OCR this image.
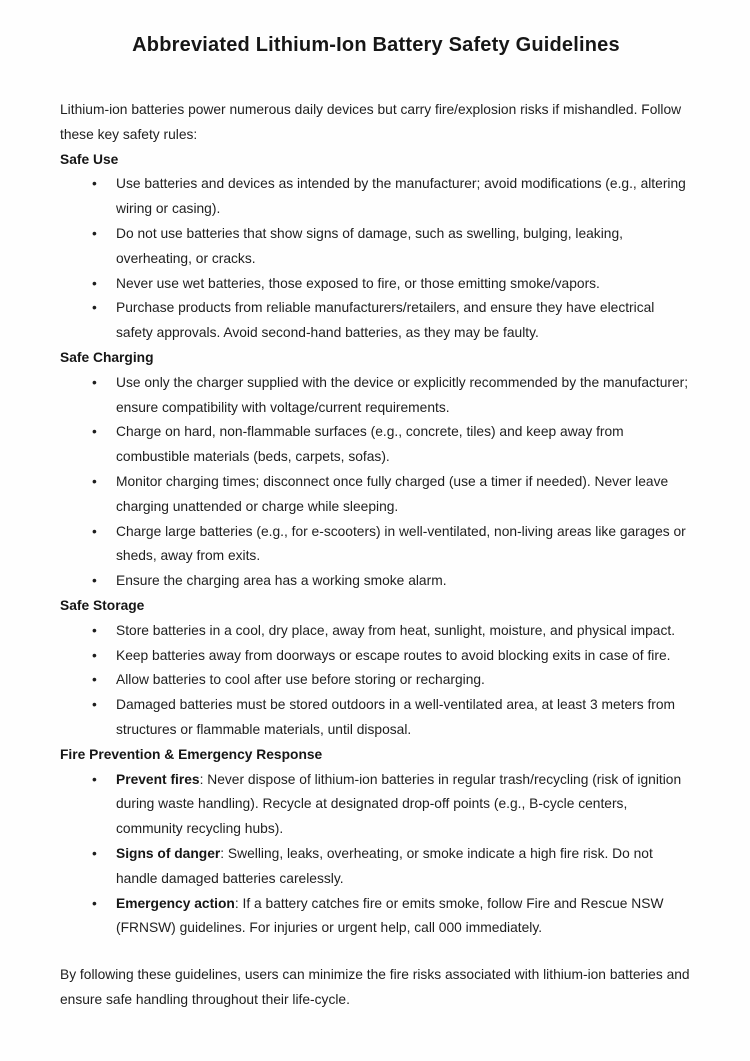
Abbreviated Lithium-Ion Battery Safety Guidelines

Lithium-ion batteries power numerous daily devices but carry fire/explosion risks if mishandled. Follow these key safety rules:

Safe Use
• Use batteries and devices as intended by the manufacturer; avoid modifications (e.g., altering wiring or casing).
• Do not use batteries that show signs of damage, such as swelling, bulging, leaking, overheating, or cracks.
• Never use wet batteries, those exposed to fire, or those emitting smoke/vapors.
• Purchase products from reliable manufacturers/retailers, and ensure they have electrical safety approvals. Avoid second-hand batteries, as they may be faulty.
Safe Charging
• Use only the charger supplied with the device or explicitly recommended by the manufacturer; ensure compatibility with voltage/current requirements.
• Charge on hard, non-flammable surfaces (e.g., concrete, tiles) and keep away from combustible materials (beds, carpets, sofas).
• Monitor charging times; disconnect once fully charged (use a timer if needed). Never leave charging unattended or charge while sleeping.
• Charge large batteries (e.g., for e-scooters) in well-ventilated, non-living areas like garages or sheds, away from exits.
• Ensure the charging area has a working smoke alarm.
Safe Storage
• Store batteries in a cool, dry place, away from heat, sunlight, moisture, and physical impact.
• Keep batteries away from doorways or escape routes to avoid blocking exits in case of fire.
• Allow batteries to cool after use before storing or recharging.
• Damaged batteries must be stored outdoors in a well-ventilated area, at least 3 meters from structures or flammable materials, until disposal.
Fire Prevention & Emergency Response
• Prevent fires: Never dispose of lithium-ion batteries in regular trash/recycling (risk of ignition during waste handling). Recycle at designated drop-off points (e.g., B-cycle centers, community recycling hubs).
• Signs of danger: Swelling, leaks, overheating, or smoke indicate a high fire risk. Do not handle damaged batteries carelessly.
• Emergency action: If a battery catches fire or emits smoke, follow Fire and Rescue NSW (FRNSW) guidelines. For injuries or urgent help, call 000 immediately.

By following these guidelines, users can minimize the fire risks associated with lithium-ion batteries and ensure safe handling throughout their life-cycle.
